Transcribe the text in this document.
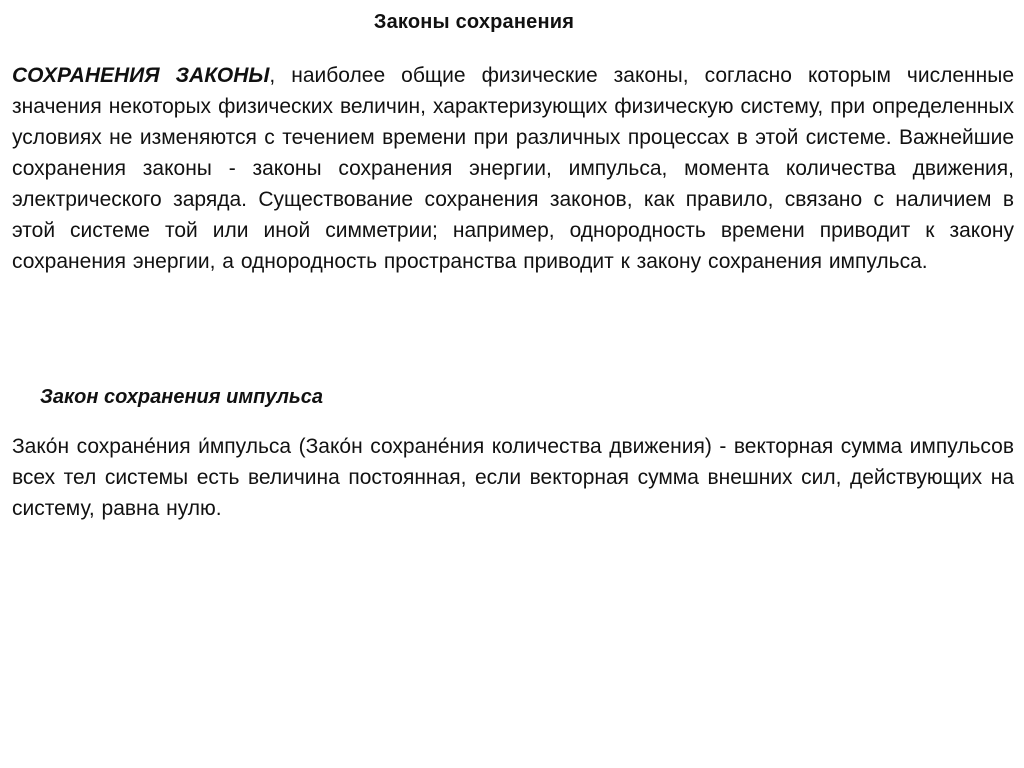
Законы сохранения

СОХРАНЕНИЯ ЗАКОНЫ, наиболее общие физические законы, согласно которым численные значения некоторых физических величин, характеризующих физическую систему, при определенных условиях не изменяются с течением времени при различных процессах в этой системе. Важнейшие сохранения законы - законы сохранения энергии, импульса, момента количества движения, электрического заряда. Существование сохранения законов, как правило, связано с наличием в этой системе той или иной симметрии; например, однородность времени приводит к закону сохранения энергии, а однородность пространства приводит к закону сохранения импульса.

Закон сохранения импульса

Зако́н сохране́ния и́мпульса (Зако́н сохране́ния количества движения) - векторная сумма импульсов всех тел системы есть величина постоянная, если векторная сумма внешних сил, действующих на систему, равна нулю.
